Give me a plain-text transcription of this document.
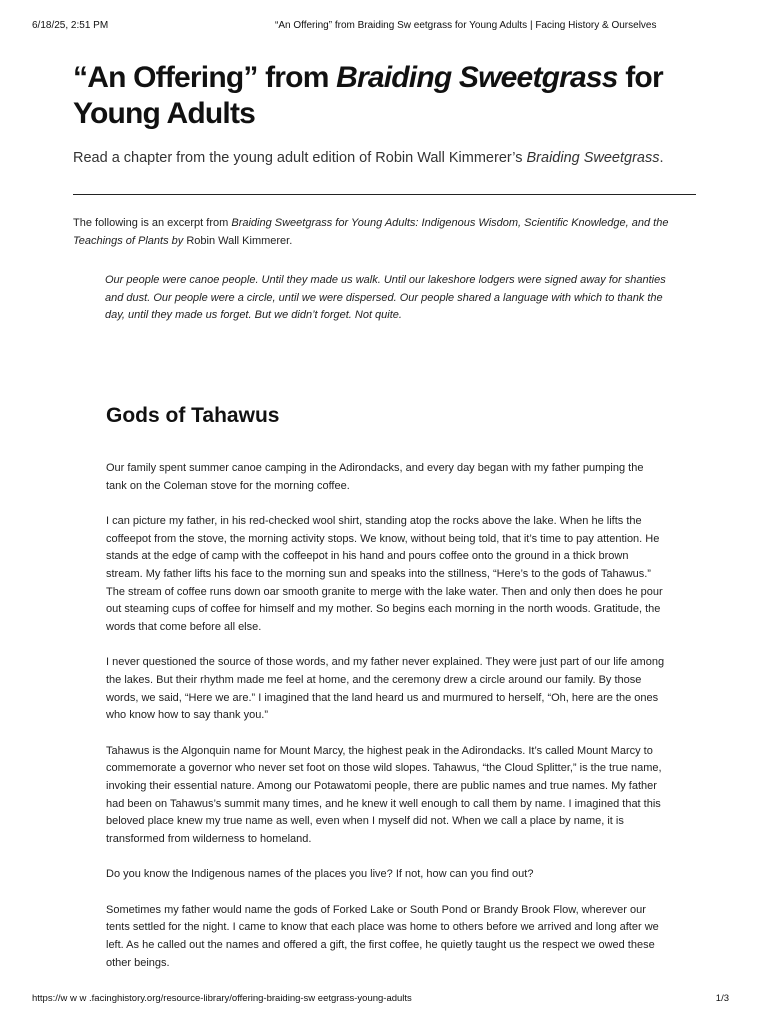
6/18/25, 2:51 PM	“An Offering” from Braiding Sw eetgrass for Young Adults | Facing History & Ourselves
“An Offering” from Braiding Sweetgrass for Young Adults

Read a chapter from the young adult edition of Robin Wall Kimmerer’s Braiding Sweetgrass.

The following is an excerpt from Braiding Sweetgrass for Young Adults: Indigenous Wisdom, Scientific Knowledge, and the Teachings of Plants by Robin Wall Kimmerer.

Our people were canoe people. Until they made us walk. Until our lakeshore lodgers were signed away for shanties and dust. Our people were a circle, until we were dispersed. Our people shared a language with which to thank the day, until they made us forget. But we didn’t forget. Not quite.

Gods of Tahawus

Our family spent summer canoe camping in the Adirondacks, and every day began with my father pumping the tank on the Coleman stove for the morning coffee.

I can picture my father, in his red-checked wool shirt, standing atop the rocks above the lake. When he lifts the coffeepot from the stove, the morning activity stops. We know, without being told, that it’s time to pay attention. He stands at the edge of camp with the coffeepot in his hand and pours coffee onto the ground in a thick brown stream. My father lifts his face to the morning sun and speaks into the stillness, “Here’s to the gods of Tahawus.” The stream of coffee runs down oar smooth granite to merge with the lake water. Then and only then does he pour out steaming cups of coffee for himself and my mother. So begins each morning in the north woods. Gratitude, the words that come before all else.

I never questioned the source of those words, and my father never explained. They were just part of our life among the lakes. But their rhythm made me feel at home, and the ceremony drew a circle around our family. By those words, we said, “Here we are.” I imagined that the land heard us and murmured to herself, “Oh, here are the ones who know how to say thank you.”

Tahawus is the Algonquin name for Mount Marcy, the highest peak in the Adirondacks. It’s called Mount Marcy to commemorate a governor who never set foot on those wild slopes. Tahawus, “the Cloud Splitter,” is the true name, invoking their essential nature. Among our Potawatomi people, there are public names and true names. My father had been on Tahawus’s summit many times, and he knew it well enough to call them by name. I imagined that this beloved place knew my true name as well, even when I myself did not. When we call a place by name, it is transformed from wilderness to homeland.

Do you know the Indigenous names of the places you live? If not, how can you find out?

Sometimes my father would name the gods of Forked Lake or South Pond or Brandy Brook Flow, wherever our tents settled for the night. I came to know that each place was home to others before we arrived and long after we left. As he called out the names and offered a gift, the first coffee, he quietly taught us the respect we owed these other beings.

https://w w w .facinghistory.org/resource-library/offering-braiding-sw eetgrass-young-adults	1/3
